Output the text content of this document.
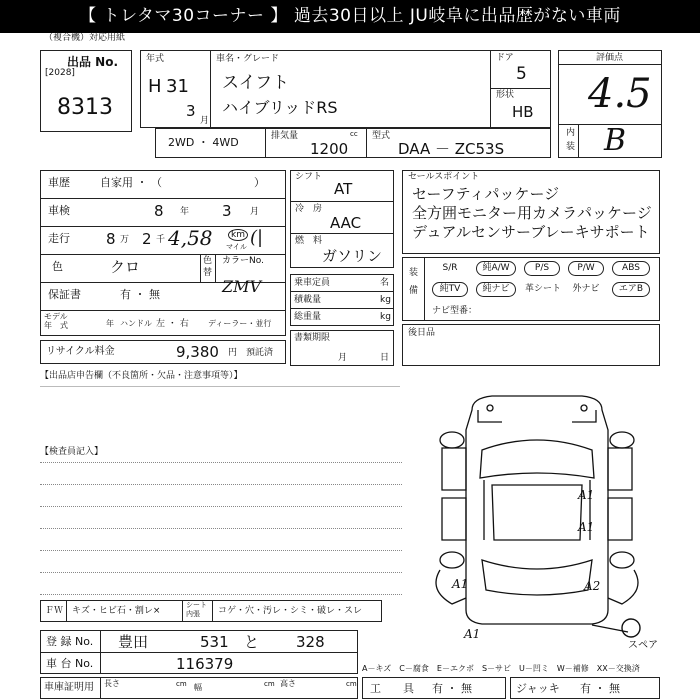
【 トレタマ30コーナー 】 過去30日以上 JU岐阜に出品歴がない車両
（複合機）対応用紙
出品 No.
[2028]
8313
年式
H 31
3
月
車名・グレード
スイフト
ハイブリッドRS
ドア
5
形状
HB
評価点
4.5
内
装 B
2WD ・ 4WD	排気量	cc
1200
型式
DAA － ZC53S
車歴	自家用 ・ （	）
車検	8 年 3 月
走行 8 万 2 千 4,58	km
マイル (|
色	クロ	色
替
カラーNo.
ZMV
保証書	有 ・ 無
モデル
年　式	年 ハンドル 左 ・ 右 ディーラー・並行
リサイクル料金	9,380 円 預託済
シフト
AT
冷　房
AAC
燃　料
ガソリン
乗車定員	名
積載量	kg
総重量	kg
書類期限
月	日
セールスポイント
セーフティパッケージ
全方囲モニター用カメラパッケージ
デュアルセンサーブレーキサポート
装
備
S/R	純A/W	P/S	P/W	ABS
純TV	純ナビ	革シート	外ナビ	エアB
ナビ型番：
後日品
【出品店申告欄（不良箇所・欠品・注意事項等）】
【検査員記入】
A1
A1
A1	A2
A1
スペア
ＦＷ キズ・ヒビ石・割レ×
シート
内張 コゲ・穴・汚レ・シミ・破レ・スレ
登 録 No. 豊田	531 と 328
車 台 No.	116379	A－キズ　C－腐食　E－エクボ　S－サビ　U－凹ミ　W－補修　XX－交換済
車庫証明用 長さ	cm 幅	cm 高さ	cm 工　　具 有 ・ 無	ジャッキ 有 ・ 無
